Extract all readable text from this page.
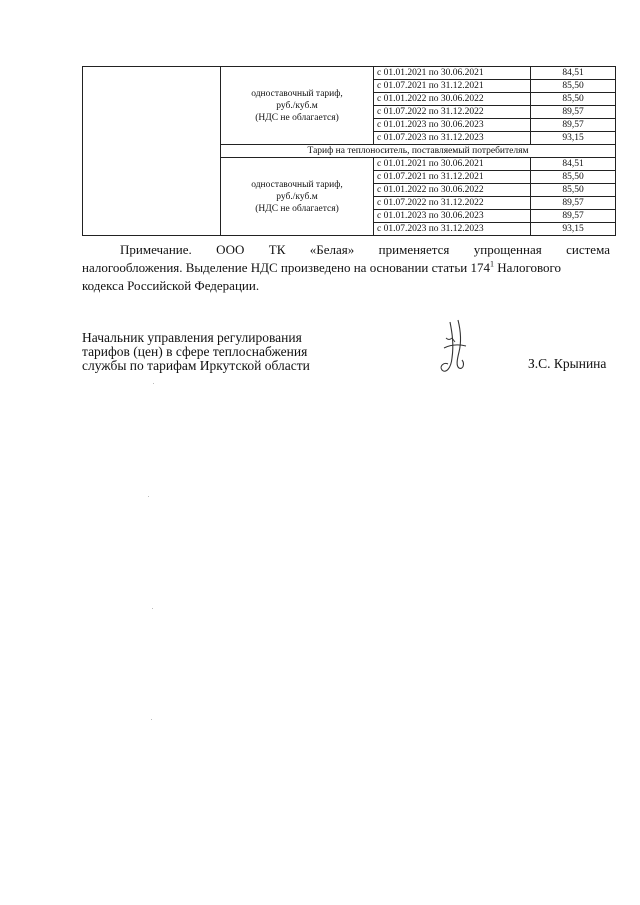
	одноставочный тариф,
руб./куб.м
(НДС не облагается)	с 01.01.2021 по 30.06.2021	84,51
		с 01.07.2021 по 31.12.2021	85,50
		с 01.01.2022 по 30.06.2022	85,50
		с 01.07.2022 по 31.12.2022	89,57
		с 01.01.2023 по 30.06.2023	89,57
		с 01.07.2023 по 31.12.2023	93,15
	Тариф на теплоноситель, поставляемый потребителям		

	одноставочный тариф,
руб./куб.м
(НДС не облагается)	с 01.01.2021 по 30.06.2021	84,51
		с 01.07.2021 по 31.12.2021	85,50
		с 01.01.2022 по 30.06.2022	85,50
		с 01.07.2022 по 31.12.2022	89,57
		с 01.01.2023 по 30.06.2023	89,57
		с 01.07.2023 по 31.12.2023	93,15
Примечание. ООО ТК «Белая» применяется упрощенная система
налогообложения. Выделение НДС произведено на основании статьи $174^1$ Налогового
кодекса Российской Федерации.
Начальник управления регулирования
тарифов (цен) в сфере теплоснабжения
службы по тарифам Иркутской области	З.С. Крынина
